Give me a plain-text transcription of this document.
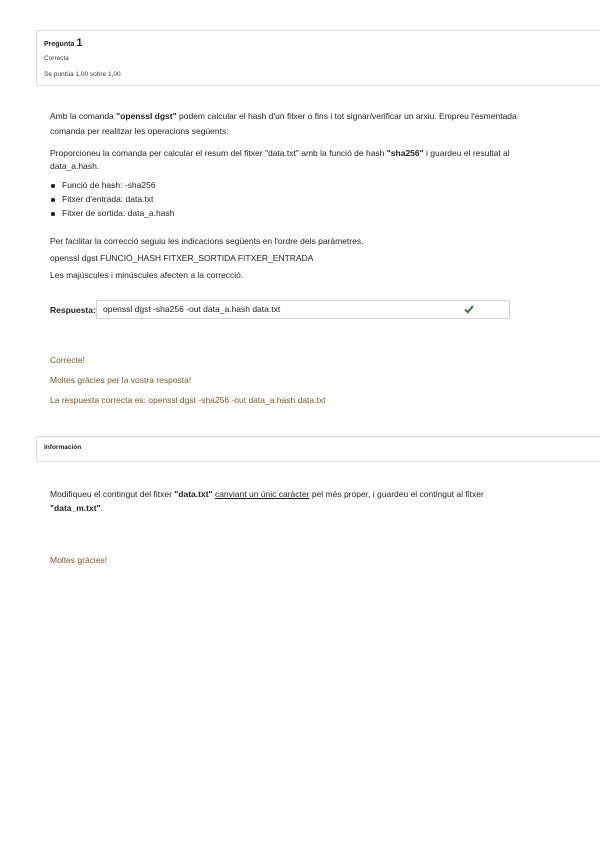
Pregunta 1
Correcta
Se puntúa 1,00 sobre 1,00

Amb la comanda "openssl dgst" podem calcular el hash d'un fitxer o fins i tot signar/verificar un arxiu. Empreu l'esmentada

comanda per realitzar les operacions següents:

Proporcioneu la comanda per calcular el resum del fitxer "data.txt" amb la funció de hash "sha256" i guardeu el resultat al

data_a.hash.

Funció de hash: -sha256
Fitxer d'entrada: data.txt
Fitxer de sortida: data_a.hash

Per facilitar la correcció seguiu les indicacions següents en l'ordre dels paràmetres.

openssl dgst FUNCIÓ_HASH FITXER_SORTIDA FITXER_ENTRADA

Les majúscules i minúscules afecten a la correcció.

Respuesta: openssl dgst -sha256 -out data_a.hash data.txt
Correcte!
Moltes gràcies per la vostra resposta!
La respuesta correcta es: openssl dgst -sha256 -out data_a.hash data.txt
Información
Modifiqueu el contingut del fitxer "data.txt" canviant un únic caràcter pel més proper, i guardeu el contingut al fitxer
"data_m.txt".
Moltes gràcies!
